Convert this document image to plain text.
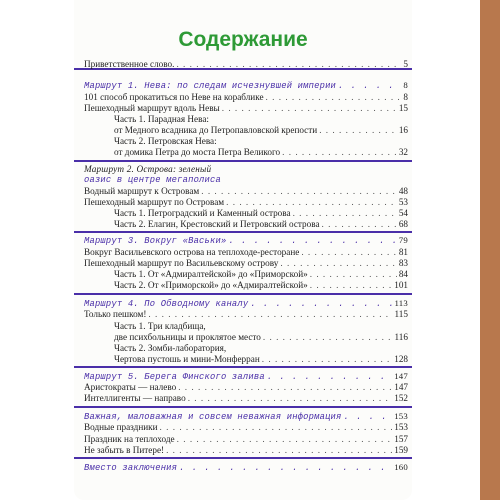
Содержание
Приветственное слово. . . .	5
Маршрут 1. Нева: по следам исчезнувшей империи . . .	8
101 способ прокатиться по Неве на кораблике . . .	8
Пешеходный маршрут вдоль Невы . . .	15
Часть 1. Парадная Нева:
от Медного всадника до Петропавловской крепости . . .	16
Часть 2. Петровская Нева:
от домика Петра до моста Петра Великого . . .	32
Маршрут 2. Острова: зеленый
оазис в центре мегаполиса
Водный маршрут к Островам . . .	48
Пешеходный маршрут по Островам . . .	53
Часть 1. Петроградский и Каменный острова . . .	54
Часть 2. Елагин, Крестовский и Петровский острова . . .	68
Маршрут 3. Вокруг «Васьки» . . .	79
Вокруг Васильевского острова на теплоходе-ресторане . . .	81
Пешеходный маршрут по Васильевскому острову . . .	83
Часть 1. От «Адмиралтейской» до «Приморской» . . .	84
Часть 2. От «Приморской» до «Адмиралтейской» . . .	101
Маршрут 4. По Обводному каналу . . .	113
Только пешком! . . .	115
Часть 1. Три кладбища,
две психбольницы и проклятое место . . .	116
Часть 2. Зомби-лаборатория,
Чертова пустошь и мини-Монферран . . .	128
Маршрут 5. Берега Финского залива . . .	147
Аристократы — налево . . .	147
Интеллигенты — направо . . .	152
Важная, маловажная и совсем неважная информация . . .	153
Водные праздники . . .	153
Праздник на теплоходе . . .	157
Не забыть в Питере! . . .	159
Вместо заключения . . .	160
